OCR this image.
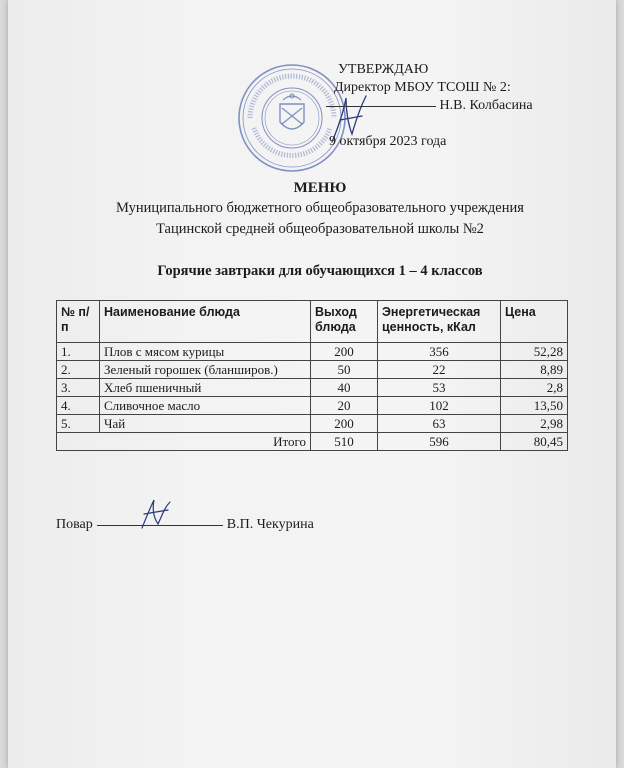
УТВЕРЖДАЮ
Директор МБОУ ТСОШ № 2:
Н.В. Колбасина
9 октября 2023 года
МЕНЮ
Муниципального бюджетного общеобразовательного учреждения
Тацинской средней общеобразовательной школы №2
Горячие завтраки для обучающихся 1 – 4 классов
№ п/п	Наименование блюда	Выход блюда	Энергетическая ценность, кКал	Цена
1.	Плов с мясом курицы	200	356	52,28
2.	Зеленый горошек (бланширов.)	50	22	8,89
3.	Хлеб пшеничный	40	53	2,8
4.	Сливочное масло	20	102	13,50
5.	Чай	200	63	2,98
Итого		510	596	80,45
Повар	В.П. Чекурина
